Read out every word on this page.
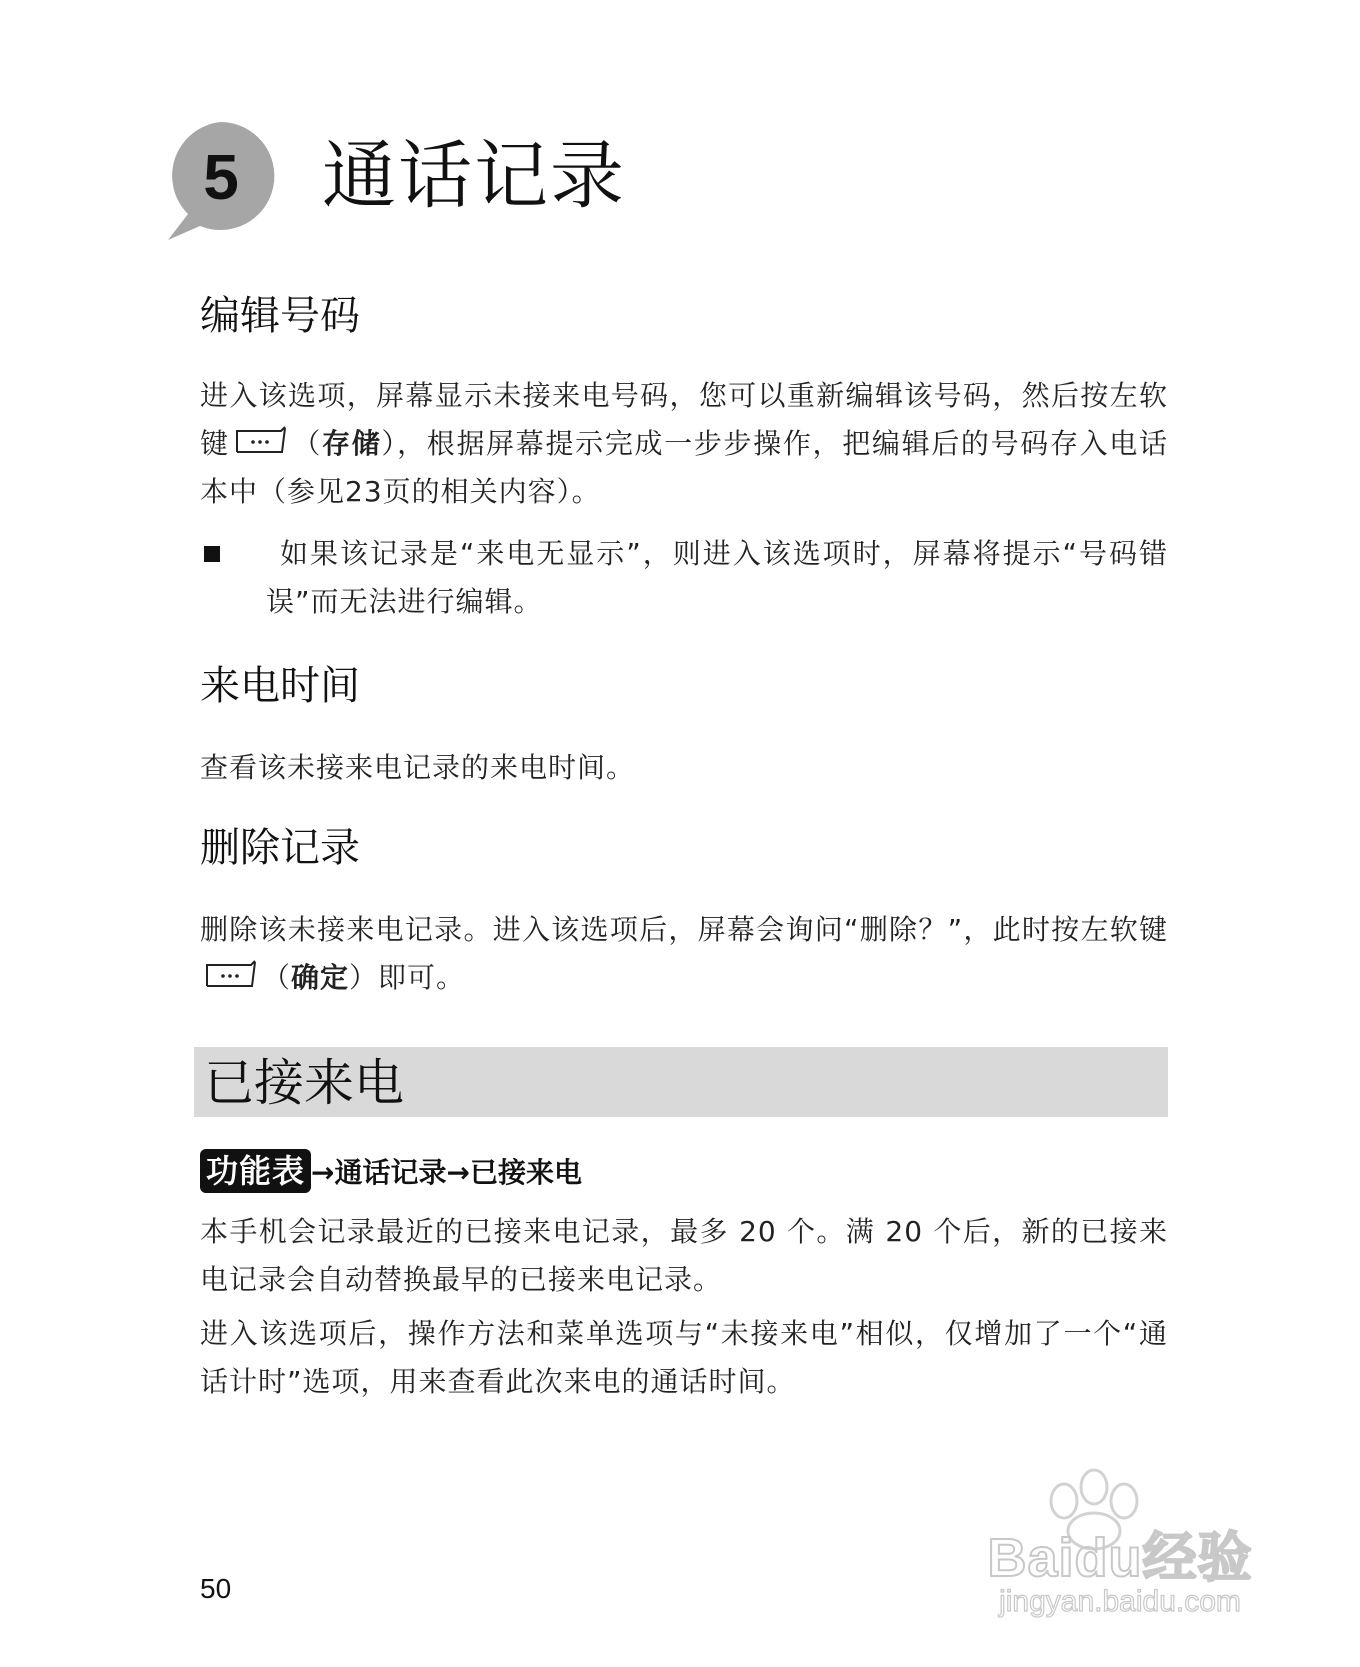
5	通话记录
编辑号码
进入该选项，屏幕显示未接来电号码，您可以重新编辑该号码，然后按左软键 （存储），根据屏幕提示完成一步步操作，把编辑后的号码存入电话本中（参见23页的相关内容）。
如果该记录是“来电无显示”，则进入该选项时，屏幕将提示“号码错误”而无法进行编辑。
来电时间
查看该未接来电记录的来电时间。
删除记录
删除该未接来电记录。进入该选项后，屏幕会询问“删除？”，此时按左软键（确定）即可。
已接来电
功能表 →通话记录→已接来电
本手机会记录最近的已接来电记录，最多 20 个。满 20 个后，新的已接来电记录会自动替换最早的已接来电记录。
进入该选项后，操作方法和菜单选项与“未接来电”相似，仅增加了一个“通话计时”选项，用来查看此次来电的通话时间。
50
Baidu经验
jingyan.baidu.com
